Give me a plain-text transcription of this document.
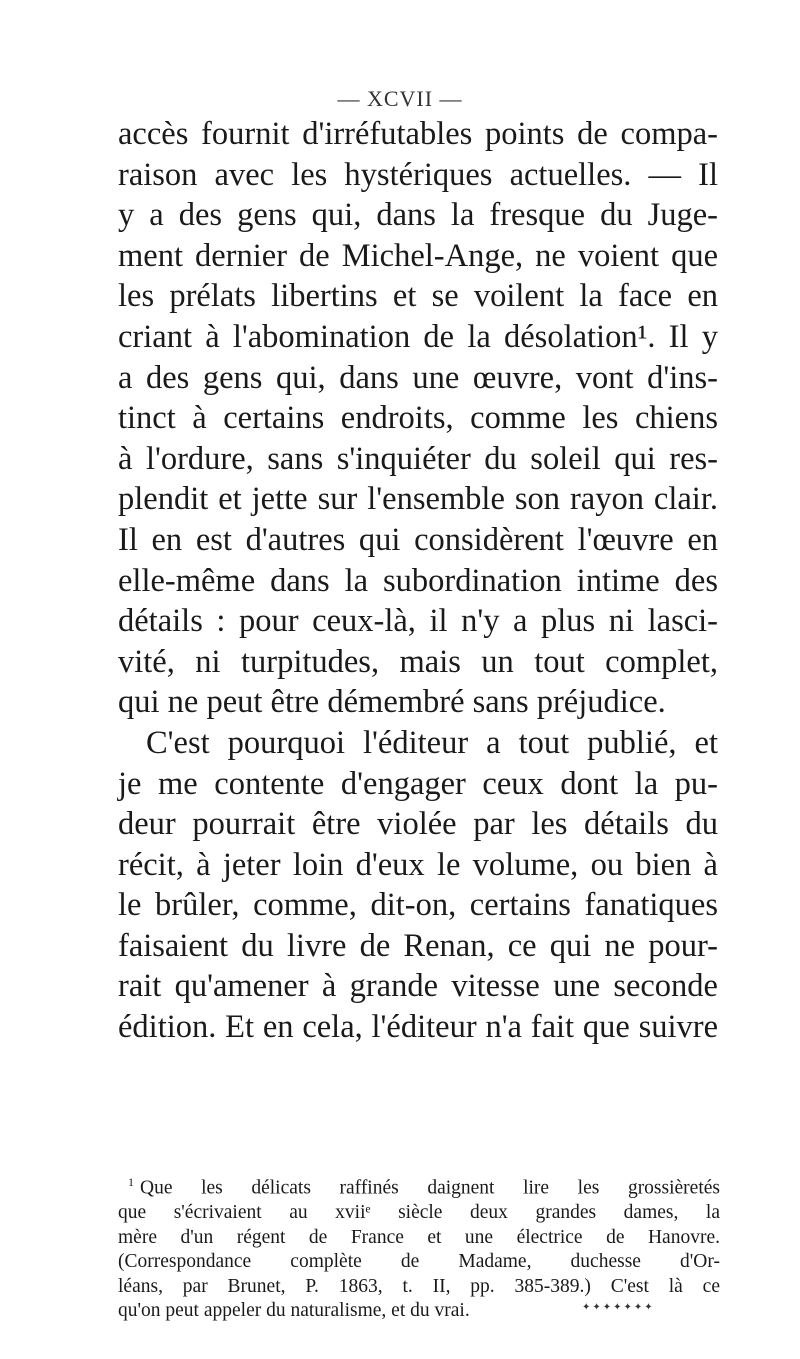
— XCVII —
accès fournit d'irréfutables points de compa-
raison avec les hystériques actuelles. — Il
y a des gens qui, dans la fresque du Juge-
ment dernier de Michel-Ange, ne voient que
les prélats libertins et se voilent la face en
criant à l'abomination de la désolation¹. Il y
a des gens qui, dans une œuvre, vont d'ins-
tinct à certains endroits, comme les chiens
à l'ordure, sans s'inquiéter du soleil qui res-
plendit et jette sur l'ensemble son rayon clair.
Il en est d'autres qui considèrent l'œuvre en
elle-même dans la subordination intime des
détails : pour ceux-là, il n'y a plus ni lasci-
vité, ni turpitudes, mais un tout complet,
qui ne peut être démembré sans préjudice.
C'est pourquoi l'éditeur a tout publié, et
je me contente d'engager ceux dont la pu-
deur pourrait être violée par les détails du
récit, à jeter loin d'eux le volume, ou bien à
le brûler, comme, dit-on, certains fanatiques
faisaient du livre de Renan, ce qui ne pour-
rait qu'amener à grande vitesse une seconde
édition. Et en cela, l'éditeur n'a fait que suivre
$^1$ Que les délicats raffinés daignent lire les grossièretés
que s'écrivaient au xviiᵉ siècle deux grandes dames, la
mère d'un régent de France et une électrice de Hanovre.
(Correspondance complète de Madame, duchesse d'Or-
léans, par Brunet, P. 1863, t. II, pp. 385-389.) C'est là ce
qu'on peut appeler du naturalisme, et du vrai.	✦✦✦✦✦✦✦
